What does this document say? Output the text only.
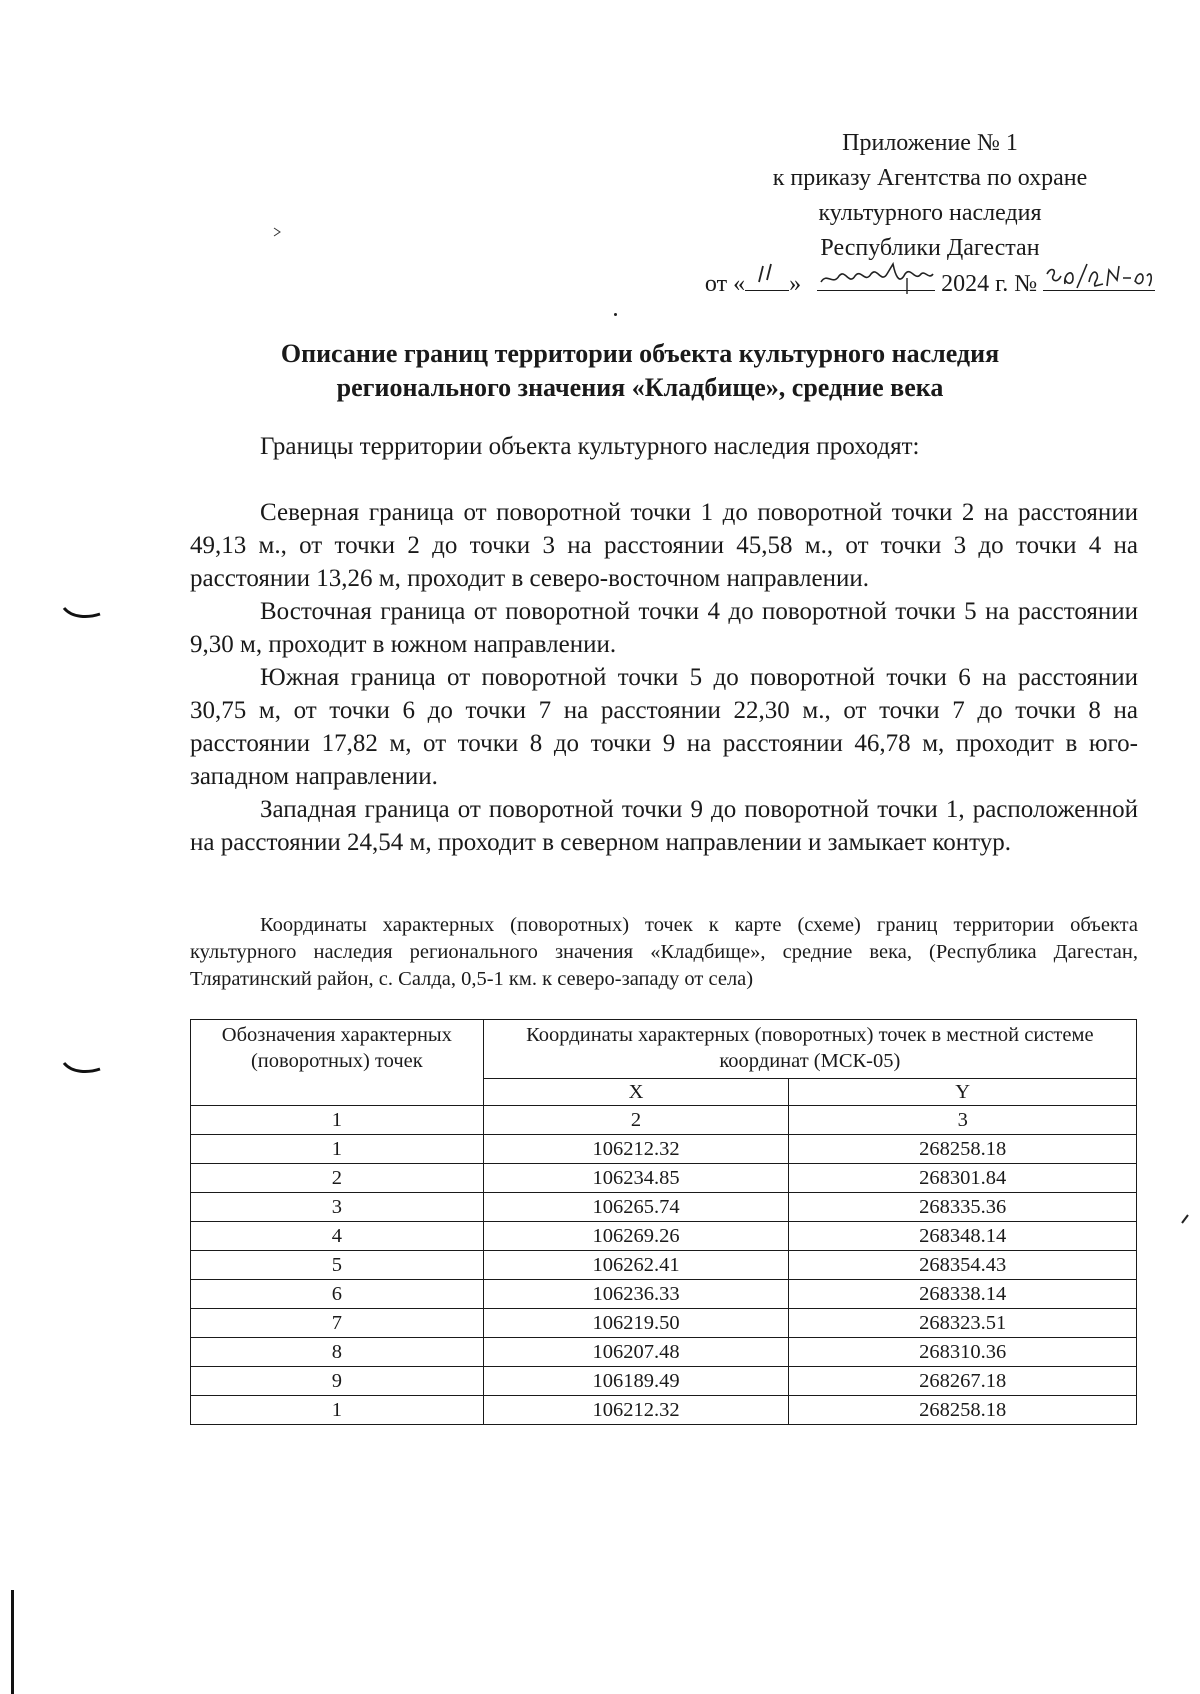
Приложение № 1
к приказу Агентства по охране
культурного наследия
Республики Дагестан
от « »	2024 г. №
Описание границ территории объекта культурного наследия
регионального значения «Кладбище», средние века
Границы территории объекта культурного наследия проходят:

Северная граница от поворотной точки 1 до поворотной точки 2 на расстоянии 49,13 м., от точки 2 до точки 3 на расстоянии 45,58 м., от точки 3 до точки 4 на расстоянии 13,26 м, проходит в северо-восточном направлении.

Восточная граница от поворотной точки 4 до поворотной точки 5 на расстоянии 9,30 м, проходит в южном направлении.

Южная граница от поворотной точки 5 до поворотной точки 6 на расстоянии 30,75 м, от точки 6 до точки 7 на расстоянии 22,30 м., от точки 7 до точки 8 на расстоянии 17,82 м, от точки 8 до точки 9 на расстоянии 46,78 м, проходит в юго-западном направлении.

Западная граница от поворотной точки 9 до поворотной точки 1, расположенной на расстоянии 24,54 м, проходит в северном направлении и замыкает контур.

Координаты характерных (поворотных) точек к карте (схеме) границ территории объекта культурного наследия регионального значения «Кладбище», средние века, (Республика Дагестан, Тляратинский район, с. Салда, 0,5-1 км. к северо-западу от села)
Обозначения характерных (поворотных) точек	Координаты характерных (поворотных) точек в местной системе координат (МСК-05)	
	X	Y
1	2	3
1	106212.32	268258.18
2	106234.85	268301.84
3	106265.74	268335.36
4	106269.26	268348.14
5	106262.41	268354.43
6	106236.33	268338.14
7	106219.50	268323.51
8	106207.48	268310.36
9	106189.49	268267.18
1	106212.32	268258.18
